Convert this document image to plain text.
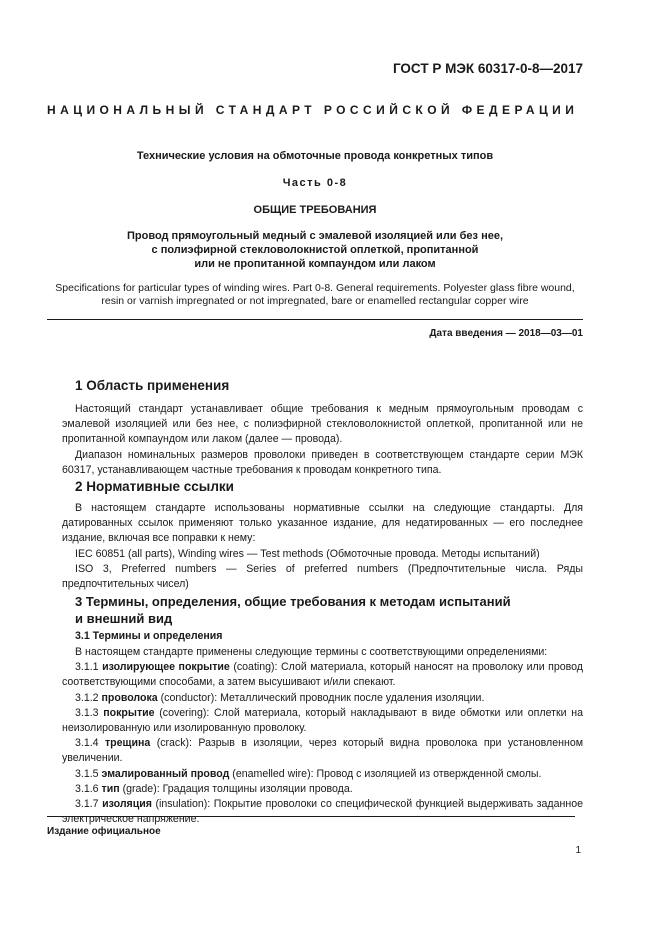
ГОСТ Р МЭК 60317-0-8—2017
НАЦИОНАЛЬНЫЙ СТАНДАРТ РОССИЙСКОЙ ФЕДЕРАЦИИ
Технические условия на обмоточные провода конкретных типов
Часть 0-8
ОБЩИЕ ТРЕБОВАНИЯ
Провод прямоугольный медный с эмалевой изоляцией или без нее,
с полиэфирной стекловолокнистой оплеткой, пропитанной
или не пропитанной компаундом или лаком
Specifications for particular types of winding wires. Part 0-8. General requirements. Polyester glass fibre wound,
resin or varnish impregnated or not impregnated, bare or enamelled rectangular copper wire
Дата введения — 2018—03—01
1 Область применения

Настоящий стандарт устанавливает общие требования к медным прямоугольным проводам с эмалевой изоляцией или без нее, с полиэфирной стекловолокнистой оплеткой, пропитанной или не пропитанной компаундом или лаком (далее — провода).

Диапазон номинальных размеров проволоки приведен в соответствующем стандарте серии МЭК 60317, устанавливающем частные требования к проводам конкретного типа.

2 Нормативные ссылки

В настоящем стандарте использованы нормативные ссылки на следующие стандарты. Для датированных ссылок применяют только указанное издание, для недатированных — его последнее издание, включая все поправки к нему:

IEC 60851 (all parts), Winding wires — Test methods (Обмоточные провода. Методы испытаний)

ISO 3, Preferred numbers — Series of preferred numbers (Предпочтительные числа. Ряды предпочтительных чисел)

3 Термины, определения, общие требования к методам испытаний
и внешний вид
3.1 Термины и определения

В настоящем стандарте применены следующие термины с соответствующими определениями:

3.1.1 изолирующее покрытие (coating): Слой материала, который наносят на проволоку или провод соответствующими способами, а затем высушивают и/или спекают.

3.1.2 проволока (conductor): Металлический проводник после удаления изоляции.

3.1.3 покрытие (covering): Слой материала, который накладывают в виде обмотки или оплетки на неизолированную или изолированную проволоку.

3.1.4 трещина (crack): Разрыв в изоляции, через который видна проволока при установленном увеличении.

3.1.5 эмалированный провод (enamelled wire): Провод с изоляцией из отвержденной смолы.

3.1.6 тип (grade): Градация толщины изоляции провода.

3.1.7 изоляция (insulation): Покрытие проволоки со специфической функцией выдерживать заданное электрическое напряжение.

Издание официальное
1
